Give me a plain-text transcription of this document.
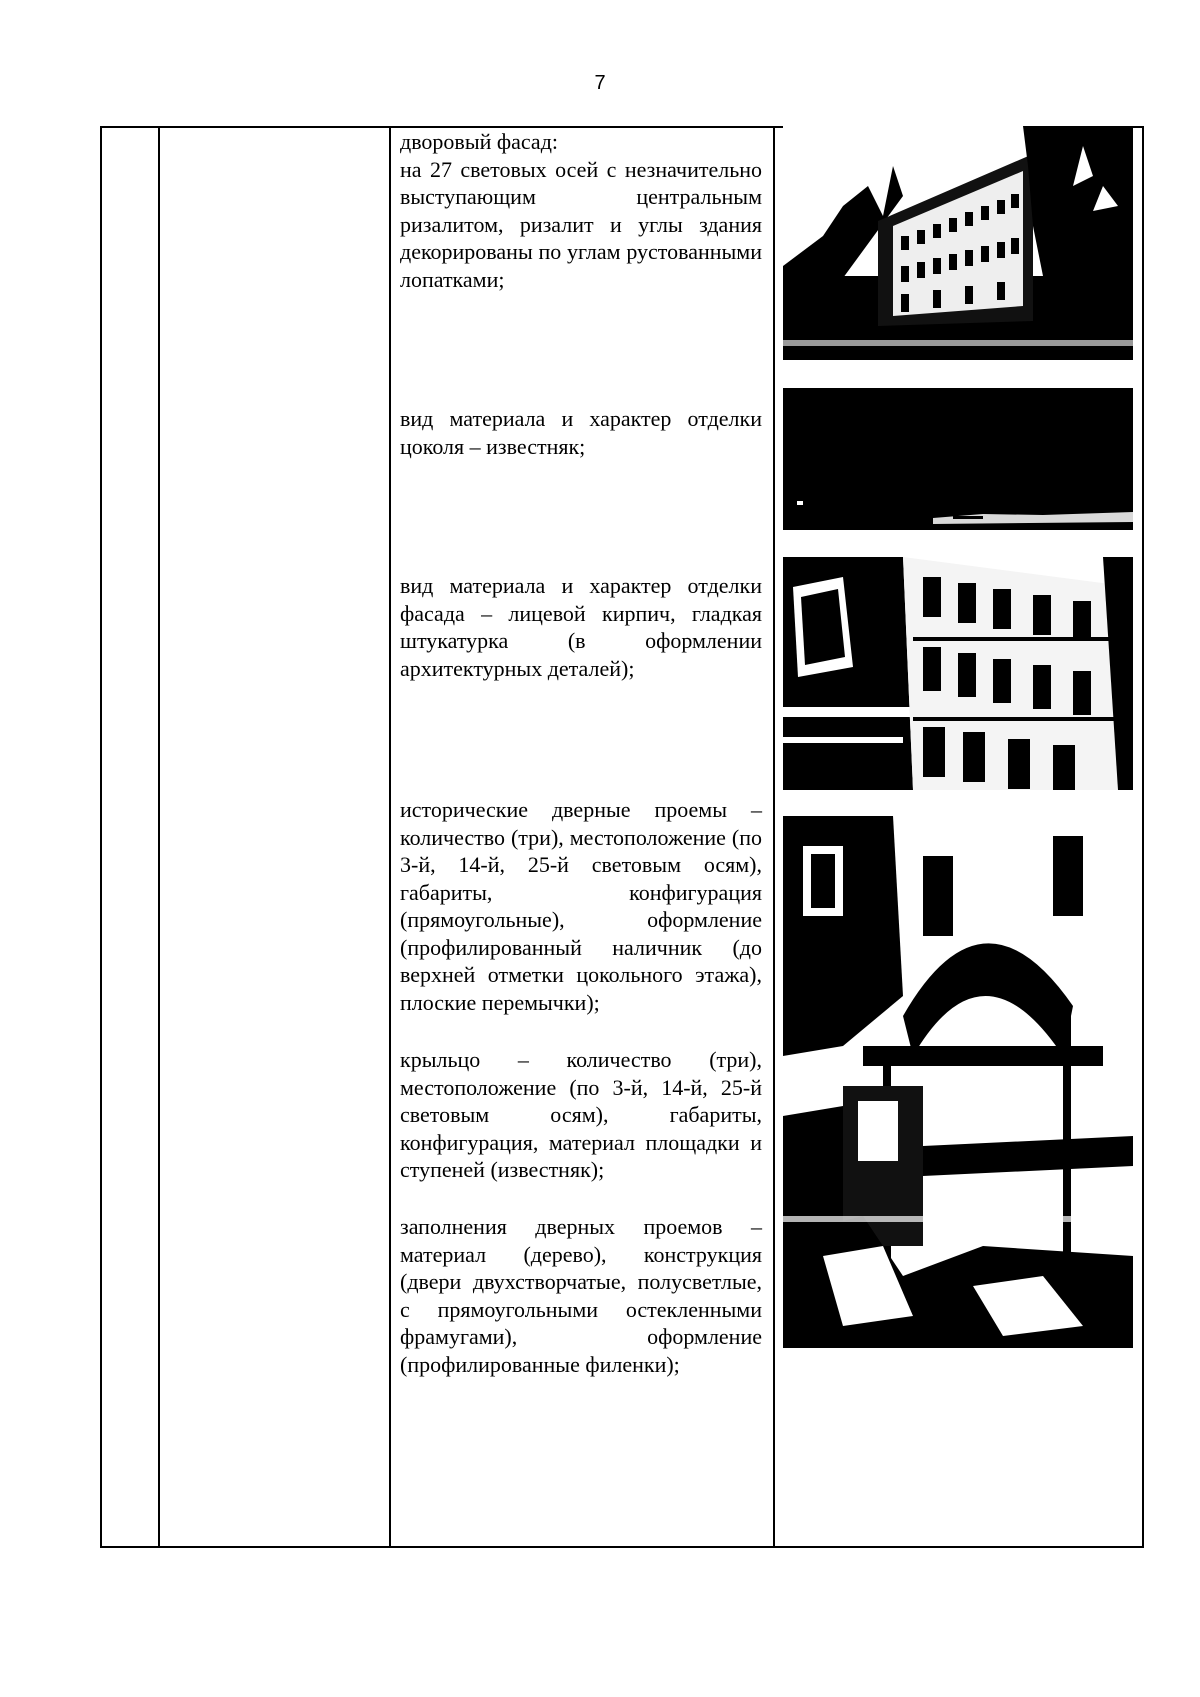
7
дворовый фасад:
на 27 световых осей с незначительно выступающим центральным ризалитом, ризалит и углы здания декорированы по углам рустованными лопатками;
вид материала и характер отделки цоколя – известняк;
вид материала и характер отделки фасада – лицевой кирпич, гладкая штукатурка (в оформлении архитектурных деталей);
исторические дверные проемы – количество (три), местоположение (по 3-й, 14-й, 25-й световым осям), габариты, конфигурация (прямоугольные), оформление (профилированный наличник (до верхней отметки цокольного этажа), плоские перемычки);
крыльцо – количество (три), местоположение (по 3-й, 14-й, 25-й световым осям), габариты, конфигурация, материал площадки и ступеней (известняк);
заполнения дверных проемов – материал (дерево), конструкция (двери двухстворчатые, полусветлые, с прямоугольными остекленными фрамугами), оформление (профилированные филенки);
